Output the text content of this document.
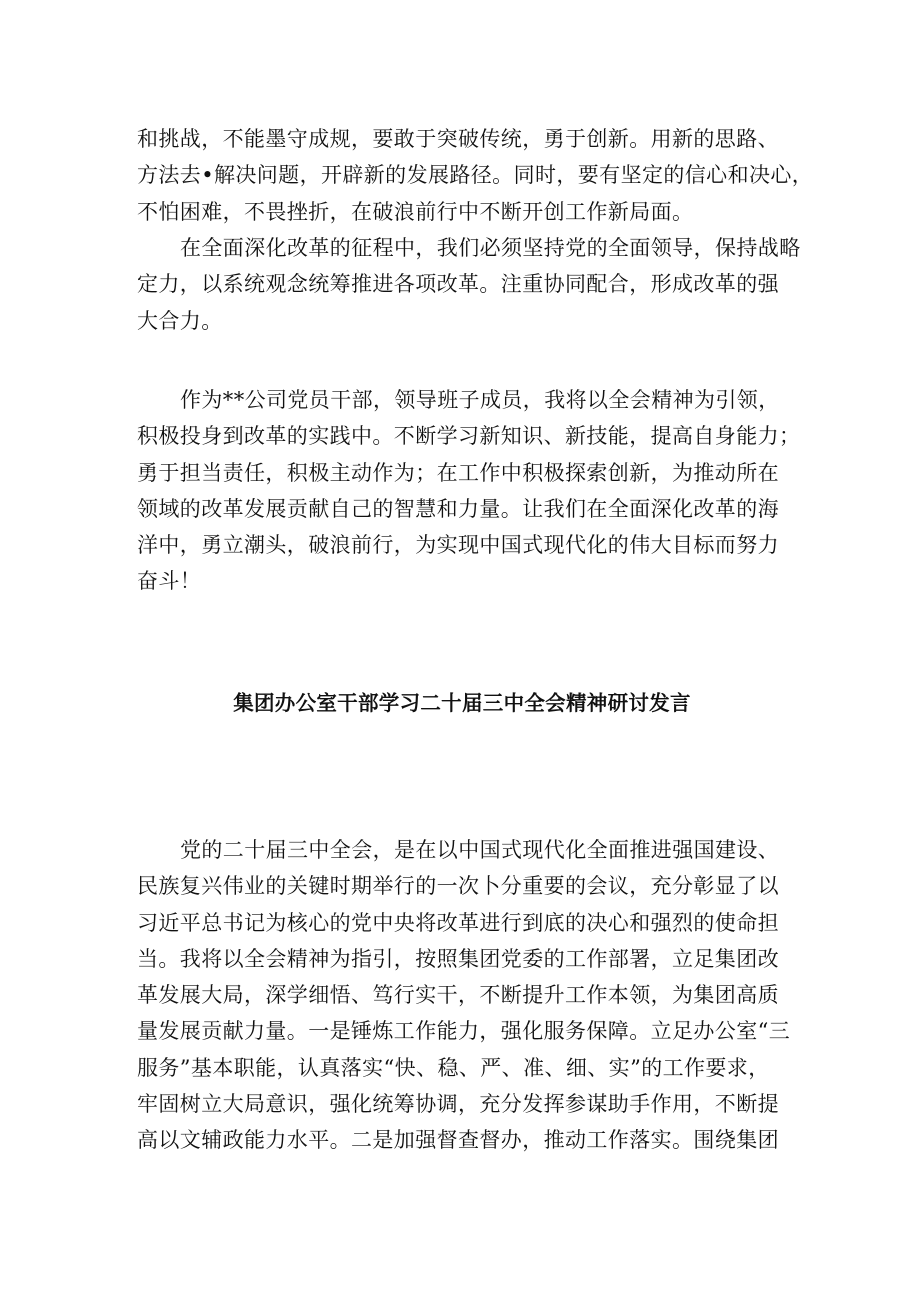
和挑战，不能墨守成规，要敢于突破传统，勇于创新。用新的思路、
方法去•解决问题，开辟新的发展路径。同时，要有坚定的信心和决心，
不怕困难，不畏挫折，在破浪前行中不断开创工作新局面。
在全面深化改革的征程中，我们必须坚持党的全面领导，保持战略
定力，以系统观念统筹推进各项改革。注重协同配合，形成改革的强
大合力。
作为**公司党员干部，领导班子成员，我将以全会精神为引领，
积极投身到改革的实践中。不断学习新知识、新技能，提高自身能力；
勇于担当责任，积极主动作为；在工作中积极探索创新，为推动所在
领域的改革发展贡献自己的智慧和力量。让我们在全面深化改革的海
洋中，勇立潮头，破浪前行，为实现中国式现代化的伟大目标而努力
奋斗！
集团办公室干部学习二十届三中全会精神研讨发言
党的二十届三中全会，是在以中国式现代化全面推进强国建设、
民族复兴伟业的关键时期举行的一次卜分重要的会议，充分彰显了以
习近平总书记为核心的党中央将改革进行到底的决心和强烈的使命担
当。我将以全会精神为指引，按照集团党委的工作部署，立足集团改
革发展大局，深学细悟、笃行实干，不断提升工作本领，为集团高质
量发展贡献力量。一是锤炼工作能力，强化服务保障。立足办公室“三
服务”基本职能，认真落实“快、稳、严、准、细、实”的工作要求，
牢固树立大局意识，强化统筹协调，充分发挥参谋助手作用，不断提
高以文辅政能力水平。二是加强督查督办，推动工作落实。围绕集团
